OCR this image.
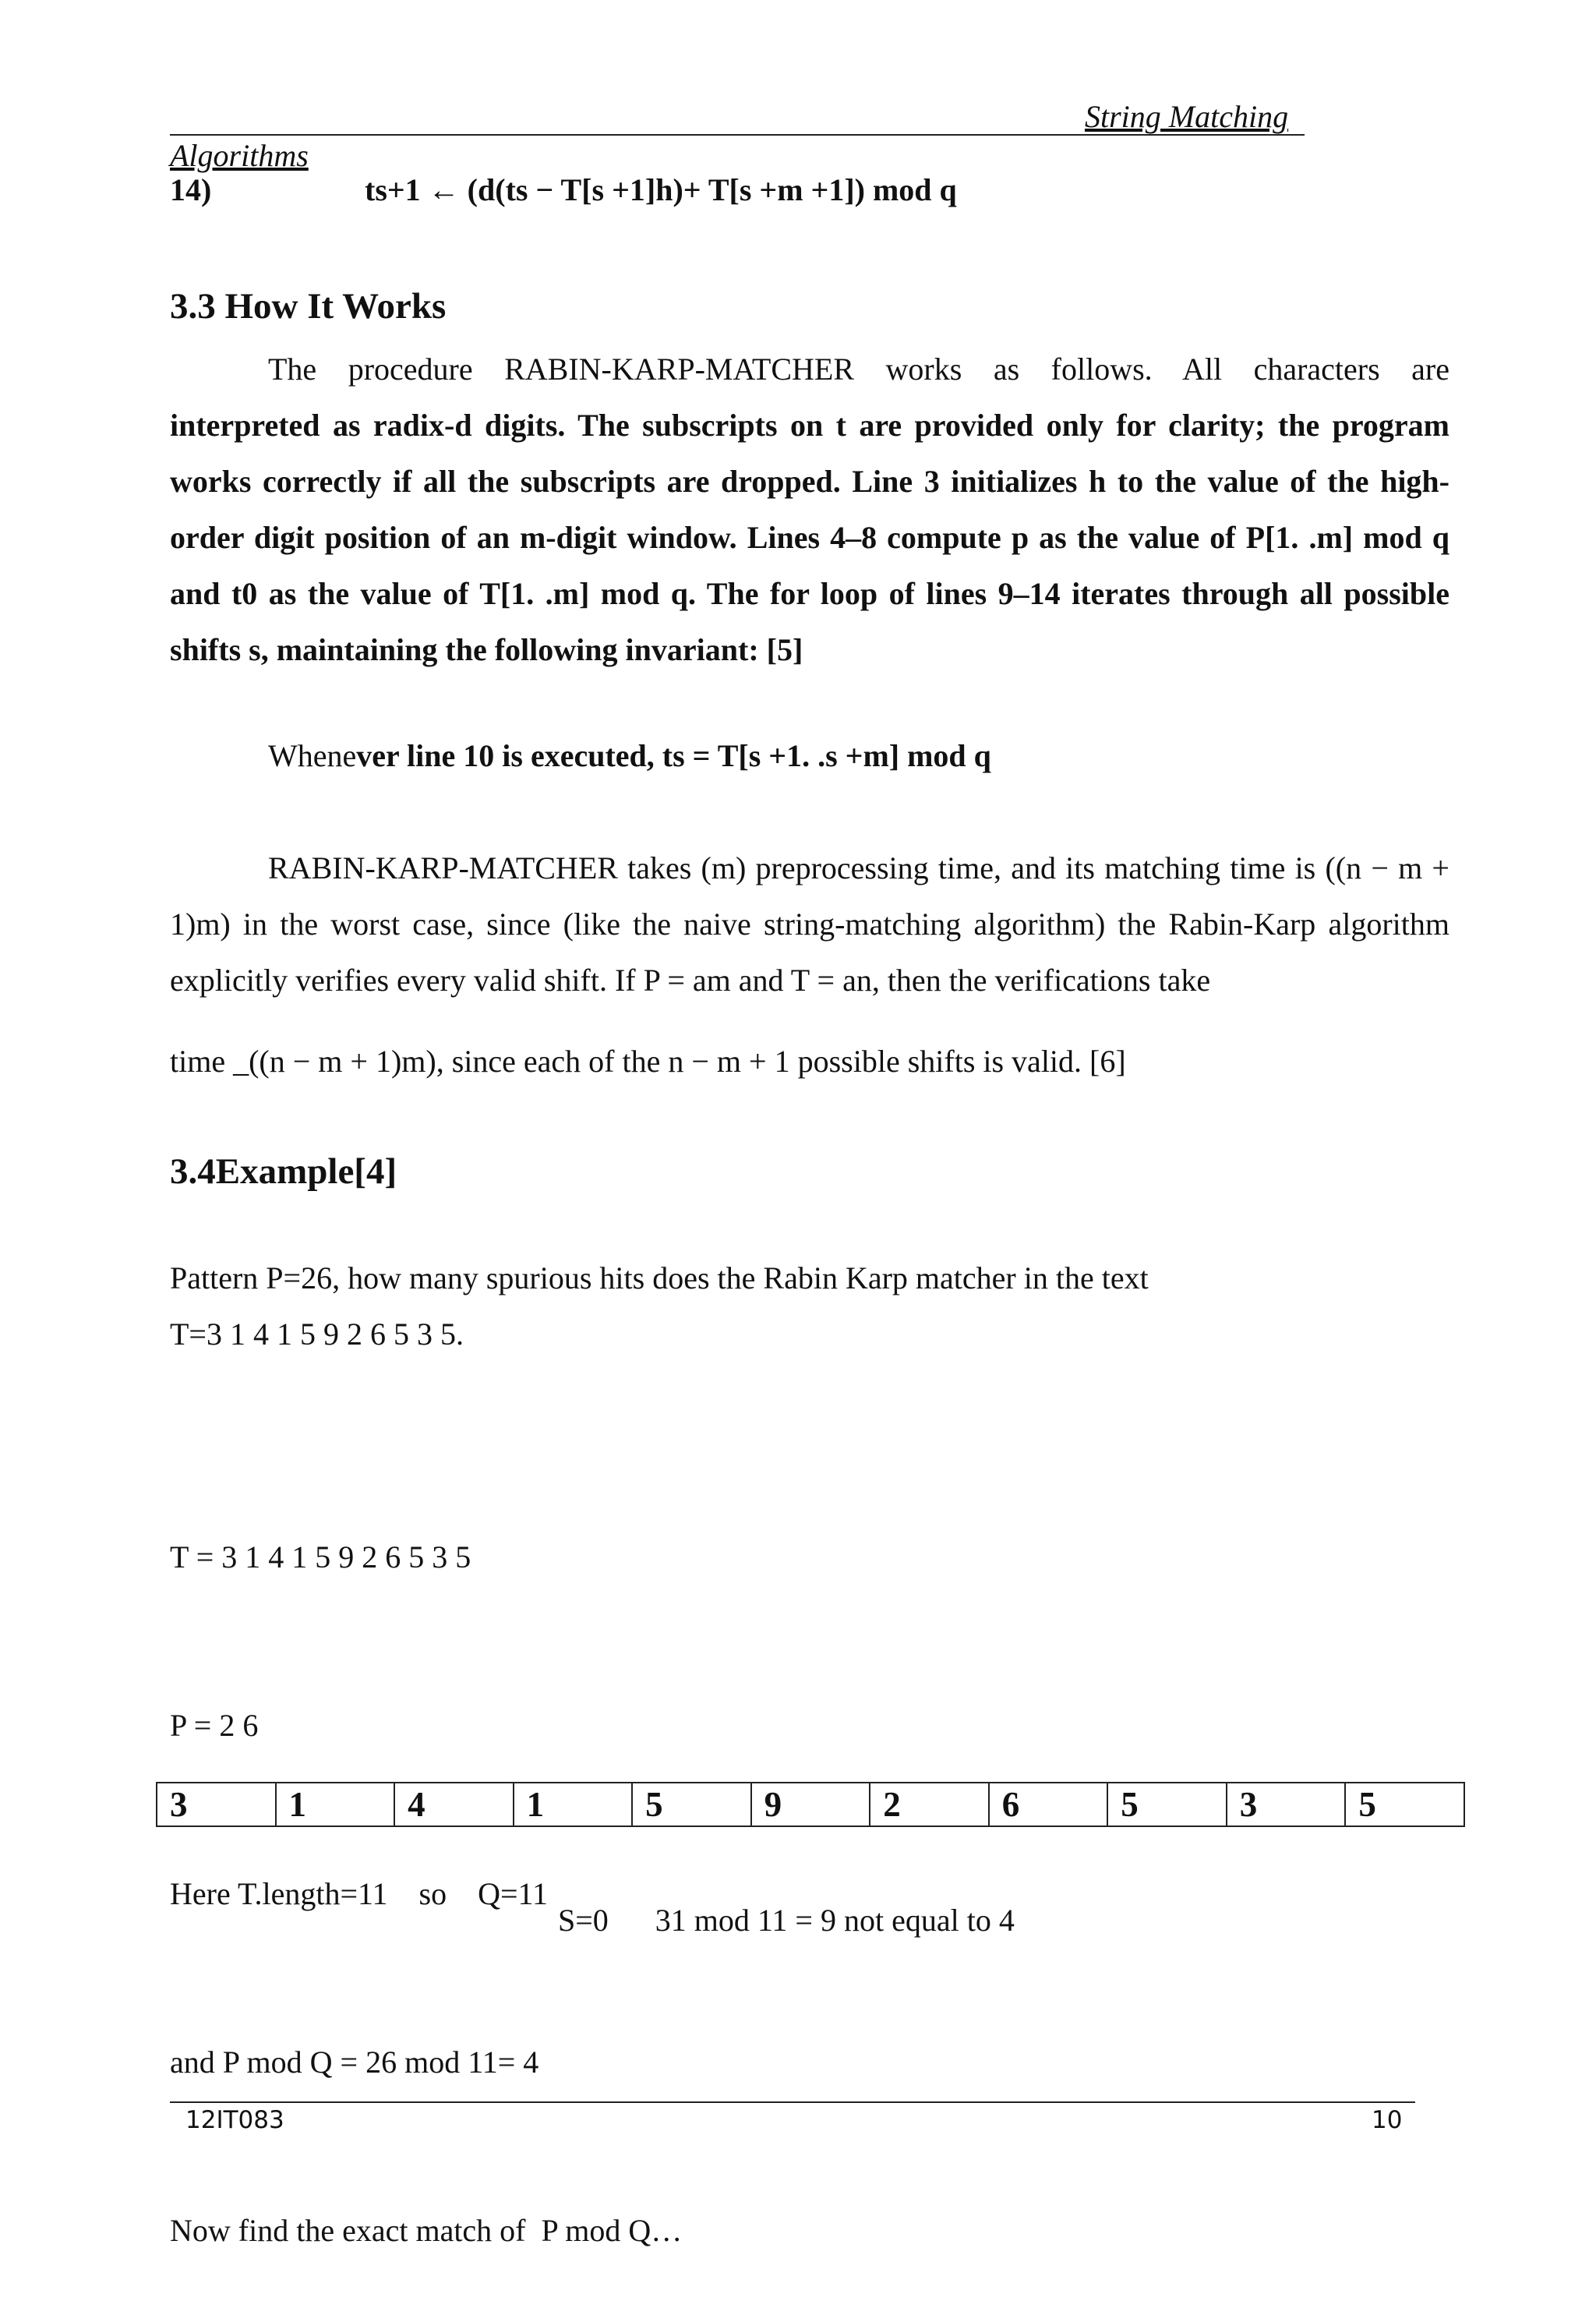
String Matching
Algorithms
14)	ts+1 ← (d(ts − T[s +1]h)+ T[s +m +1]) mod q
3.3 How It Works

The procedure RABIN-KARP-MATCHER works as follows. All characters are

interpreted as radix-d digits. The subscripts on t are provided only for clarity; the program works correctly if all the subscripts are dropped. Line 3 initializes h to the value of the high-order digit position of an m-digit window. Lines 4–8 compute p as the value of P[1. .m] mod q and t0 as the value of T[1. .m] mod q. The for loop of lines 9–14 iterates through all possible shifts s, maintaining the following invariant: [5]

Whenever line 10 is executed, ts = T[s +1. .s +m] mod q

RABIN-KARP-MATCHER takes (m) preprocessing time, and its matching time is ((n − m + 1)m) in the worst case, since (like the naive string-matching algorithm) the Rabin-Karp algorithm explicitly verifies every valid shift. If P = am and T = an, then the verifications take

time _((n − m + 1)m), since each of the n − m + 1 possible shifts is valid. [6]

3.4Example[4]
Pattern P=26, how many spurious hits does the Rabin Karp matcher in the text
T=3 1 4 1 5 9 2 6 5 3 5.

T = 3 1 4 1 5 9 2 6 5 3 5

P = 2 6

Here T.length=11    so    Q=11

and P mod Q = 26 mod 11= 4

Now find the exact match of  P mod Q…

3	1	4	1	5	9	2	6	5	3	5
S=0      31 mod 11 = 9 not equal to 4
12IT083	10
